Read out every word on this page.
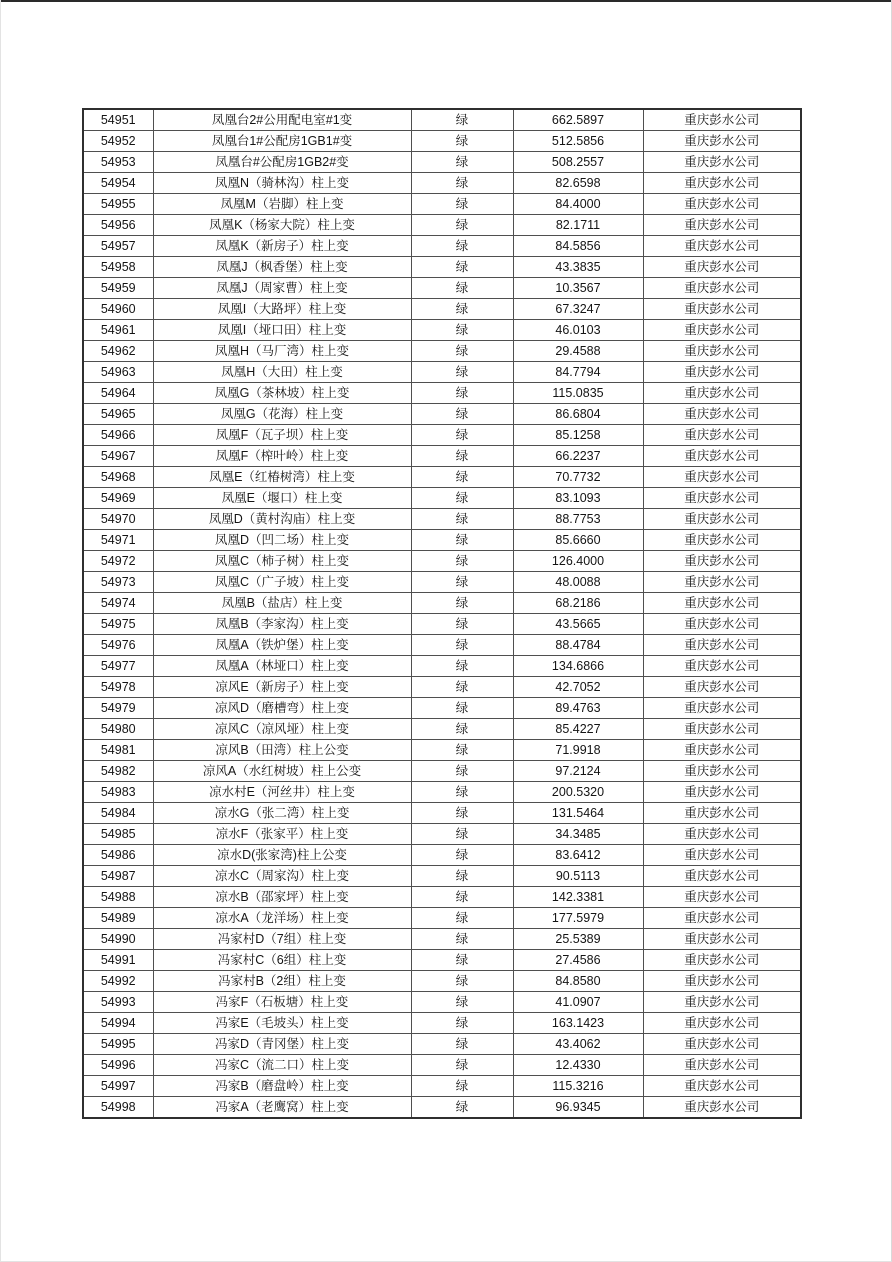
54951	凤凰台2#公用配电室#1变	绿	662.5897	重庆彭水公司
54952	凤凰台1#公配房1GB1#变	绿	512.5856	重庆彭水公司
54953	凤凰台#公配房1GB2#变	绿	508.2557	重庆彭水公司
54954	凤凰N（骑林沟）柱上变	绿	82.6598	重庆彭水公司
54955	凤凰M（岩脚）柱上变	绿	84.4000	重庆彭水公司
54956	凤凰K（杨家大院）柱上变	绿	82.1711	重庆彭水公司
54957	凤凰K（新房子）柱上变	绿	84.5856	重庆彭水公司
54958	凤凰J（枫香堡）柱上变	绿	43.3835	重庆彭水公司
54959	凤凰J（周家曹）柱上变	绿	10.3567	重庆彭水公司
54960	凤凰I（大路坪）柱上变	绿	67.3247	重庆彭水公司
54961	凤凰I（垭口田）柱上变	绿	46.0103	重庆彭水公司
54962	凤凰H（马厂湾）柱上变	绿	29.4588	重庆彭水公司
54963	凤凰H（大田）柱上变	绿	84.7794	重庆彭水公司
54964	凤凰G（茶林坡）柱上变	绿	115.0835	重庆彭水公司
54965	凤凰G（花海）柱上变	绿	86.6804	重庆彭水公司
54966	凤凰F（瓦子坝）柱上变	绿	85.1258	重庆彭水公司
54967	凤凰F（榨叶岭）柱上变	绿	66.2237	重庆彭水公司
54968	凤凰E（红椿树湾）柱上变	绿	70.7732	重庆彭水公司
54969	凤凰E（堰口）柱上变	绿	83.1093	重庆彭水公司
54970	凤凰D（黄村沟庙）柱上变	绿	88.7753	重庆彭水公司
54971	凤凰D（凹二场）柱上变	绿	85.6660	重庆彭水公司
54972	凤凰C（柿子树）柱上变	绿	126.4000	重庆彭水公司
54973	凤凰C（广子坡）柱上变	绿	48.0088	重庆彭水公司
54974	凤凰B（盐店）柱上变	绿	68.2186	重庆彭水公司
54975	凤凰B（李家沟）柱上变	绿	43.5665	重庆彭水公司
54976	凤凰A（铁炉堡）柱上变	绿	88.4784	重庆彭水公司
54977	凤凰A（林垭口）柱上变	绿	134.6866	重庆彭水公司
54978	凉风E（新房子）柱上变	绿	42.7052	重庆彭水公司
54979	凉风D（磨槽弯）柱上变	绿	89.4763	重庆彭水公司
54980	凉风C（凉风垭）柱上变	绿	85.4227	重庆彭水公司
54981	凉风B（田湾）柱上公变	绿	71.9918	重庆彭水公司
54982	凉风A（水红树坡）柱上公变	绿	97.2124	重庆彭水公司
54983	凉水村E（河丝井）柱上变	绿	200.5320	重庆彭水公司
54984	凉水G（张二湾）柱上变	绿	131.5464	重庆彭水公司
54985	凉水F（张家平）柱上变	绿	34.3485	重庆彭水公司
54986	凉水D(张家湾)柱上公变	绿	83.6412	重庆彭水公司
54987	凉水C（周家沟）柱上变	绿	90.5113	重庆彭水公司
54988	凉水B（邵家坪）柱上变	绿	142.3381	重庆彭水公司
54989	凉水A（龙洋场）柱上变	绿	177.5979	重庆彭水公司
54990	冯家村D（7组）柱上变	绿	25.5389	重庆彭水公司
54991	冯家村C（6组）柱上变	绿	27.4586	重庆彭水公司
54992	冯家村B（2组）柱上变	绿	84.8580	重庆彭水公司
54993	冯家F（石板塘）柱上变	绿	41.0907	重庆彭水公司
54994	冯家E（毛坡头）柱上变	绿	163.1423	重庆彭水公司
54995	冯家D（青冈堡）柱上变	绿	43.4062	重庆彭水公司
54996	冯家C（流二口）柱上变	绿	12.4330	重庆彭水公司
54997	冯家B（磨盘岭）柱上变	绿	115.3216	重庆彭水公司
54998	冯家A（老鹰窝）柱上变	绿	96.9345	重庆彭水公司
